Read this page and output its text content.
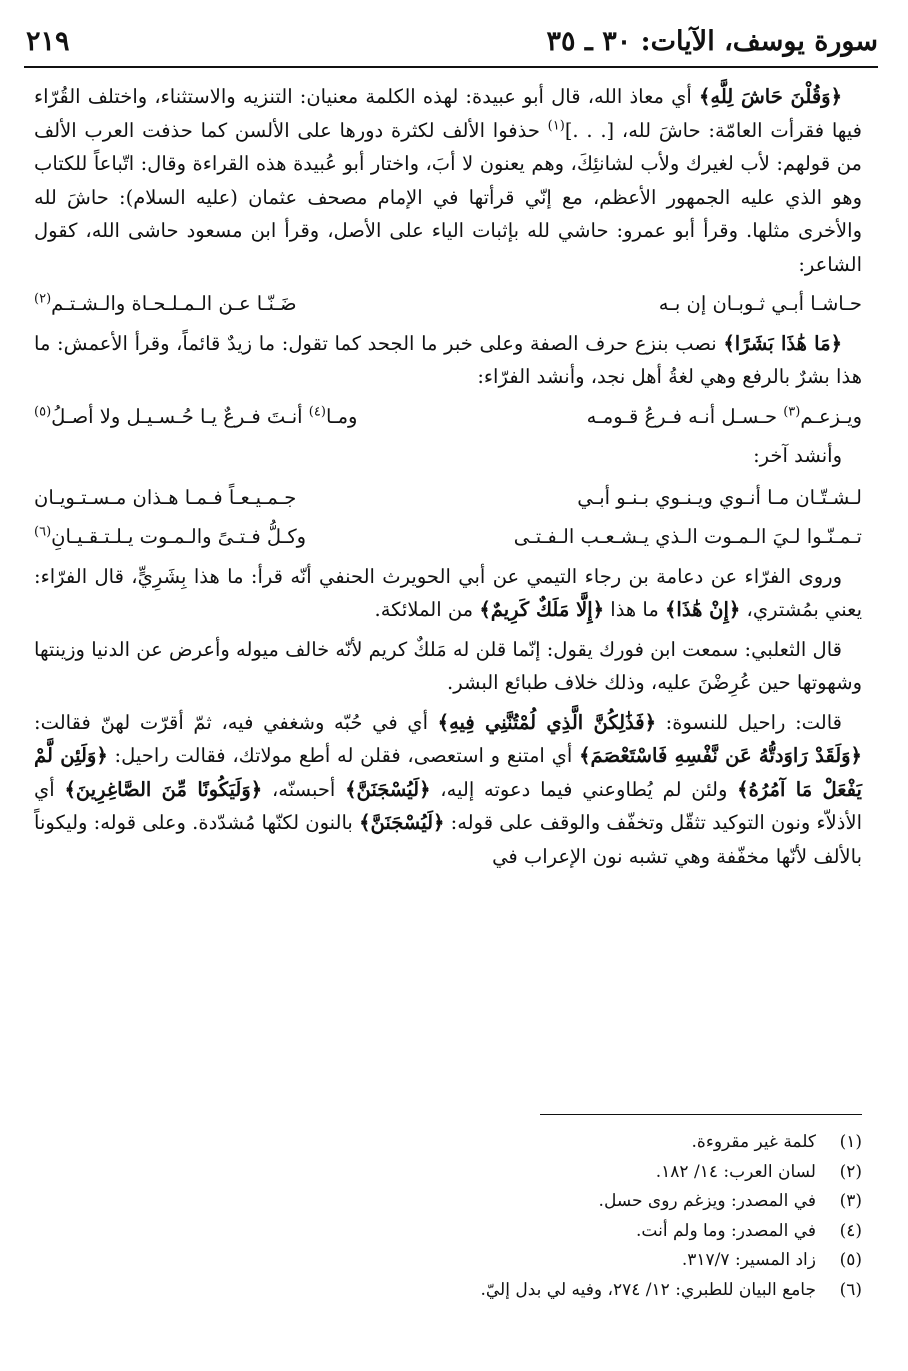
سورة يوسف، الآيات: ٣٠ ـ ٣٥
٢١٩

﴿وَقُلْنَ حَاشَ لِلَّهِ﴾ أي معاذ الله، قال أبو عبيدة: لهذه الكلمة معنيان: التنزيه والاستثناء، واختلف القُرّاء فيها فقرأت العامّة: حاشَ لله، [. . .]$^{(١)}$ حذفوا الألف لكثرة دورها على الألسن كما حذفت العرب الألف من قولهم: لأب لغيرك ولأب لشانئِكَ، وهم يعنون لا أبَ، واختار أبو عُبيدة هذه القراءة وقال: اتّباعاً للكتاب وهو الذي عليه الجمهور الأعظم، مع إنّي قرأتها في الإمام مصحف عثمان (عليه السلام): حاشَ لله والأخرى مثلها. وقرأ أبو عمرو: حاشي لله بإثبات الياء على الأصل، وقرأ ابن مسعود حاشى الله، كقول الشاعر:

حـاشـا أبـي ثـوبـان إن بـه
ضَـنّـا عـن الـمـلـحـاة والـشـتـم$^{(٢)}$

﴿مَا هَٰذَا بَشَرًا﴾ نصب بنزع حرف الصفة وعلى خبر ما الجحد كما تقول: ما زيدٌ قائماً، وقرأ الأعمش: ما هذا بشرٌ بالرفع وهي لغةُ أهل نجد، وأنشد الفرّاء:

ويـزعـم$^{(٣)}$ حـسـل أنـه فـرعُ قـومـه
ومـا$^{(٤)}$ أنـتَ فـرعٌ يـا حُـسـيـل ولا أصـلُ$^{(٥)}$
وأنشد آخر:
لـشـتّـان مـا أنـوي ويـنـوي بـنـو أبـي
جـمـيـعـاً فـمـا هـذان مـسـتـويـان
تـمـنّـوا لـيَ الـمـوت الـذي يـشـعـب الـفـتـى
وكـلُّ فـتـىً والـمـوت يـلـتـقـيـانِ$^{(٦)}$

وروى الفرّاء عن دعامة بن رجاء التيمي عن أبي الحويرث الحنفي أنّه قرأ: ما هذا بِشَرِيٍّ، قال الفرّاء: يعني بمُشتري، ﴿إِنْ هَٰذَا﴾ ما هذا ﴿إِلَّا مَلَكٌ كَرِيمٌ﴾ من الملائكة.

قال الثعلبي: سمعت ابن فورك يقول: إنّما قلن له مَلكٌ كريم لأنّه خالف ميوله وأعرض عن الدنيا وزينتها وشهوتها حين عُرِضْنَ عليه، وذلك خلاف طبائع البشر.

قالت: راحيل للنسوة: ﴿فَذَٰلِكُنَّ الَّذِي لُمْتُنَّنِي فِيهِ﴾ أي في حُبّه وشغفي فيه، ثمّ أقرّت لهنّ فقالت: ﴿وَلَقَدْ رَاوَدتُّهُ عَن نَّفْسِهِ فَاسْتَعْصَمَ﴾ أي امتنع و استعصى، فقلن له أطع مولاتك، فقالت راحيل: ﴿وَلَئِن لَّمْ يَفْعَلْ مَا آمُرُهُ﴾ ولئن لم يُطاوعني فيما دعوته إليه، ﴿لَيُسْجَنَنَّ﴾ أحبسنّه، ﴿وَلَيَكُونًا مِّنَ الصَّاغِرِينَ﴾ أي الأذلاّء ونون التوكيد تثقّل وتخفّف والوقف على قوله: ﴿لَيُسْجَنَنَّ﴾ بالنون لكنّها مُشدّدة. وعلى قوله: وليكوناً بالألف لأنّها مخفّفة وهي تشبه نون الإعراب في

(١)
كلمة غير مقروءة.
(٢)
لسان العرب: ١٤/ ١٨٢.
(٣)
في المصدر: ويزغم روى حسل.
(٤)
في المصدر: وما ولم أنت.
(٥)
زاد المسير: ٣١٧/٧.
(٦)
جامع البيان للطبري: ١٢/ ٢٧٤، وفيه لي بدل إليّ.
